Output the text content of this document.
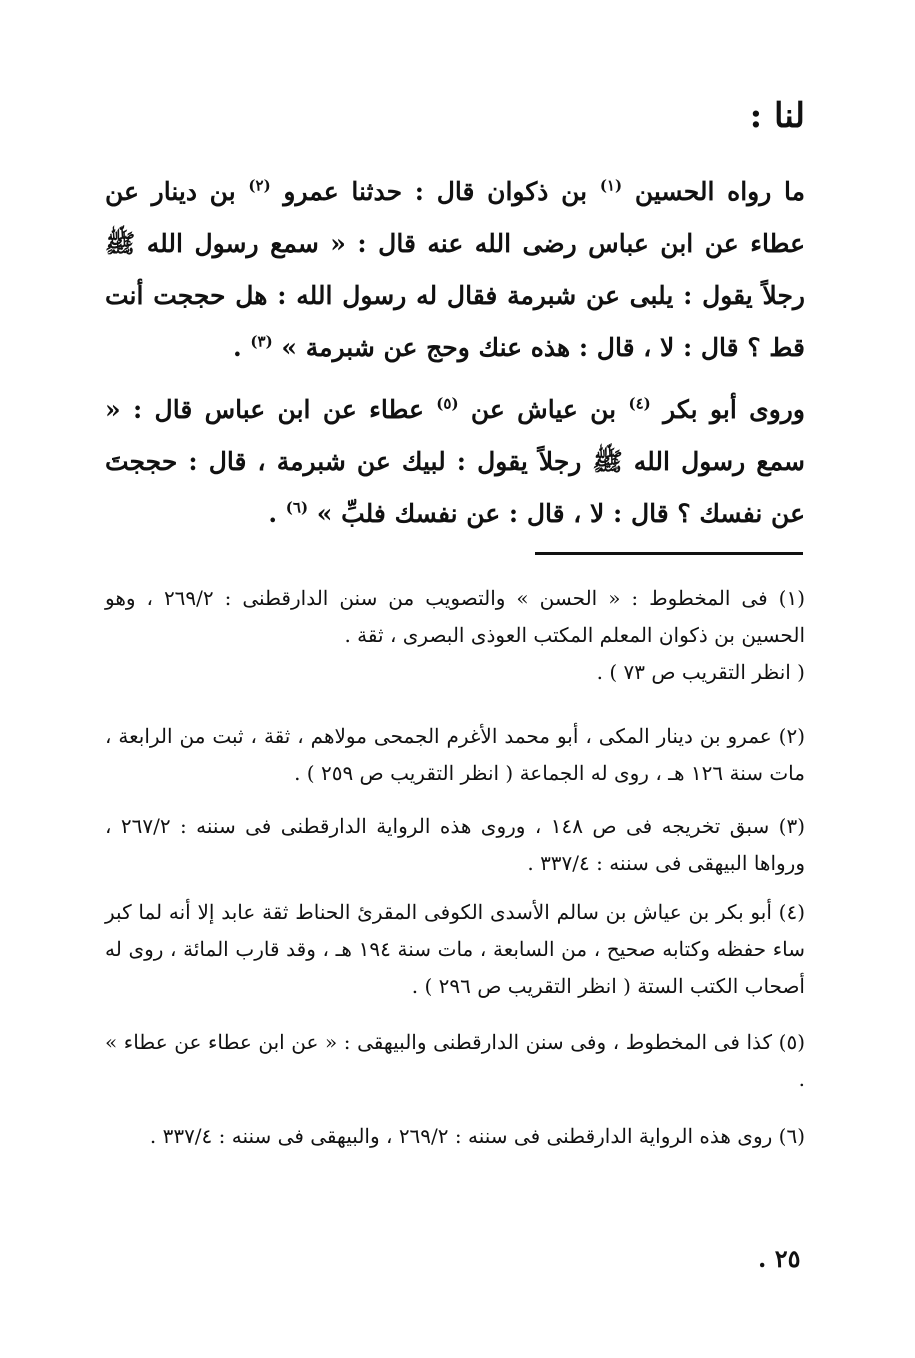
لنا :

ما رواه الحسين $^{(١)}$ بن ذكوان قال : حدثنا عمرو $^{(٢)}$ بن دينار عن عطاء عن ابن عباس رضى الله عنه قال : « سمع رسول الله ﷺ رجلاً يقول : يلبى عن شبرمة فقال له رسول الله : هل حججت أنت قط ؟ قال : لا ، قال : هذه عنك وحج عن شبرمة » $^{(٣)}$ .

وروى أبو بكر $^{(٤)}$ بن عياش عن $^{(٥)}$ عطاء عن ابن عباس قال : « سمع رسول الله ﷺ رجلاً يقول : لبيك عن شبرمة ، قال : حججتَ عن نفسك ؟ قال : لا ، قال : عن نفسك فلبِّ » $^{(٦)}$ .

(١) فى المخطوط : « الحسن » والتصويب من سنن الدارقطنى : ٢٦٩/٢ ، وهو الحسين بن ذكوان المعلم المكتب العوذى البصرى ، ثقة .
( انظر التقريب ص ٧٣ ) .
(٢) عمرو بن دينار المكى ، أبو محمد الأغرم الجمحى مولاهم ، ثقة ، ثبت من الرابعة ، مات سنة ١٢٦ هـ ، روى له الجماعة ( انظر التقريب ص ٢٥٩ ) .
(٣) سبق تخريجه فى ص ١٤٨ ، وروى هذه الرواية الدارقطنى فى سننه : ٢٦٧/٢ ، ورواها البيهقى فى سننه : ٣٣٧/٤ .
(٤) أبو بكر بن عياش بن سالم الأسدى الكوفى المقرئ الحناط ثقة عابد إلا أنه لما كبر ساء حفظه وكتابه صحيح ، من السابعة ، مات سنة ١٩٤ هـ ، وقد قارب المائة ، روى له أصحاب الكتب الستة ( انظر التقريب ص ٢٩٦ ) .
(٥) كذا فى المخطوط ، وفى سنن الدارقطنى والبيهقى : « عن ابن عطاء عن عطاء » .
(٦) روى هذه الرواية الدارقطنى فى سننه : ٢٦٩/٢ ، والبيهقى فى سننه : ٣٣٧/٤ .
٢٥ .
